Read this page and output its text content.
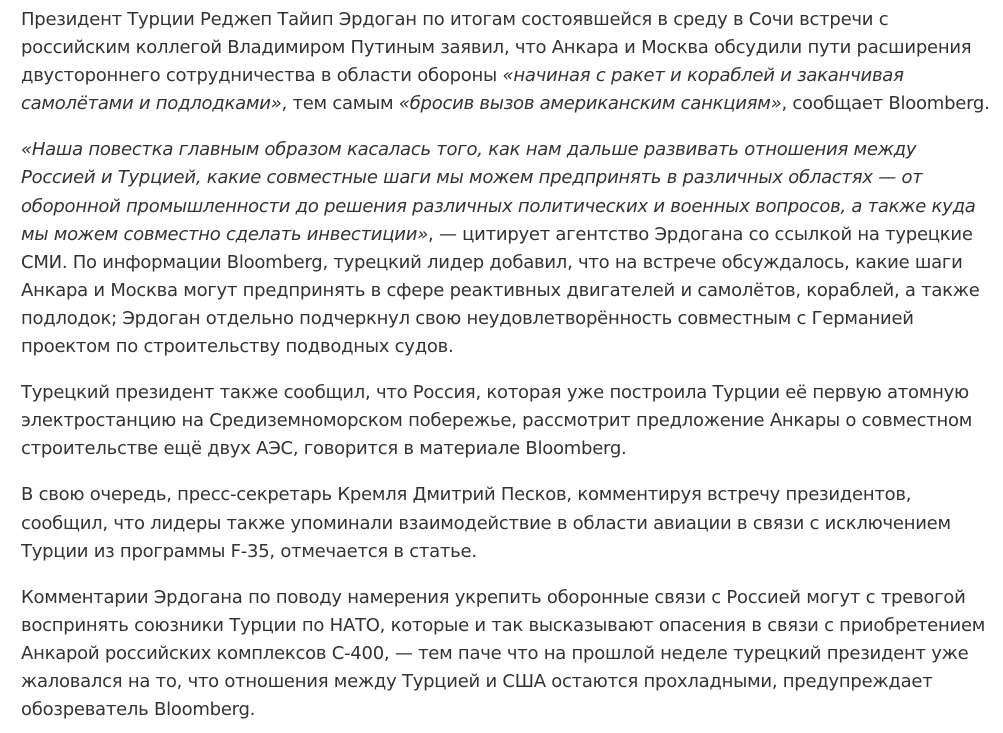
Президент Турции Реджеп Тайип Эрдоган по итогам состоявшейся в среду в Сочи встречи с российским коллегой Владимиром Путиным заявил, что Анкара и Москва обсудили пути расширения двустороннего сотрудничества в области обороны «начиная с ракет и кораблей и заканчивая самолётами и подлодками», тем самым «бросив вызов американским санкциям», сообщает Bloomberg.

«Наша повестка главным образом касалась того, как нам дальше развивать отношения между Россией и Турцией, какие совместные шаги мы можем предпринять в различных областях — от оборонной промышленности до решения различных политических и военных вопросов, а также куда мы можем совместно сделать инвестиции», — цитирует агентство Эрдогана со ссылкой на турецкие СМИ. По информации Bloomberg, турецкий лидер добавил, что на встрече обсуждалось, какие шаги Анкара и Москва могут предпринять в сфере реактивных двигателей и самолётов, кораблей, а также подлодок; Эрдоган отдельно подчеркнул свою неудовлетворённость совместным с Германией проектом по строительству подводных судов.

Турецкий президент также сообщил, что Россия, которая уже построила Турции её первую атомную электростанцию на Средиземноморском побережье, рассмотрит предложение Анкары о совместном строительстве ещё двух АЭС, говорится в материале Bloomberg.

В свою очередь, пресс-секретарь Кремля Дмитрий Песков, комментируя встречу президентов, сообщил, что лидеры также упоминали взаимодействие в области авиации в связи с исключением Турции из программы F-35, отмечается в статье.

Комментарии Эрдогана по поводу намерения укрепить оборонные связи с Россией могут с тревогой воспринять союзники Турции по НАТО, которые и так высказывают опасения в связи с приобретением Анкарой российских комплексов С-400, — тем паче что на прошлой неделе турецкий президент уже жаловался на то, что отношения между Турцией и США остаются прохладными, предупреждает обозреватель Bloomberg.
